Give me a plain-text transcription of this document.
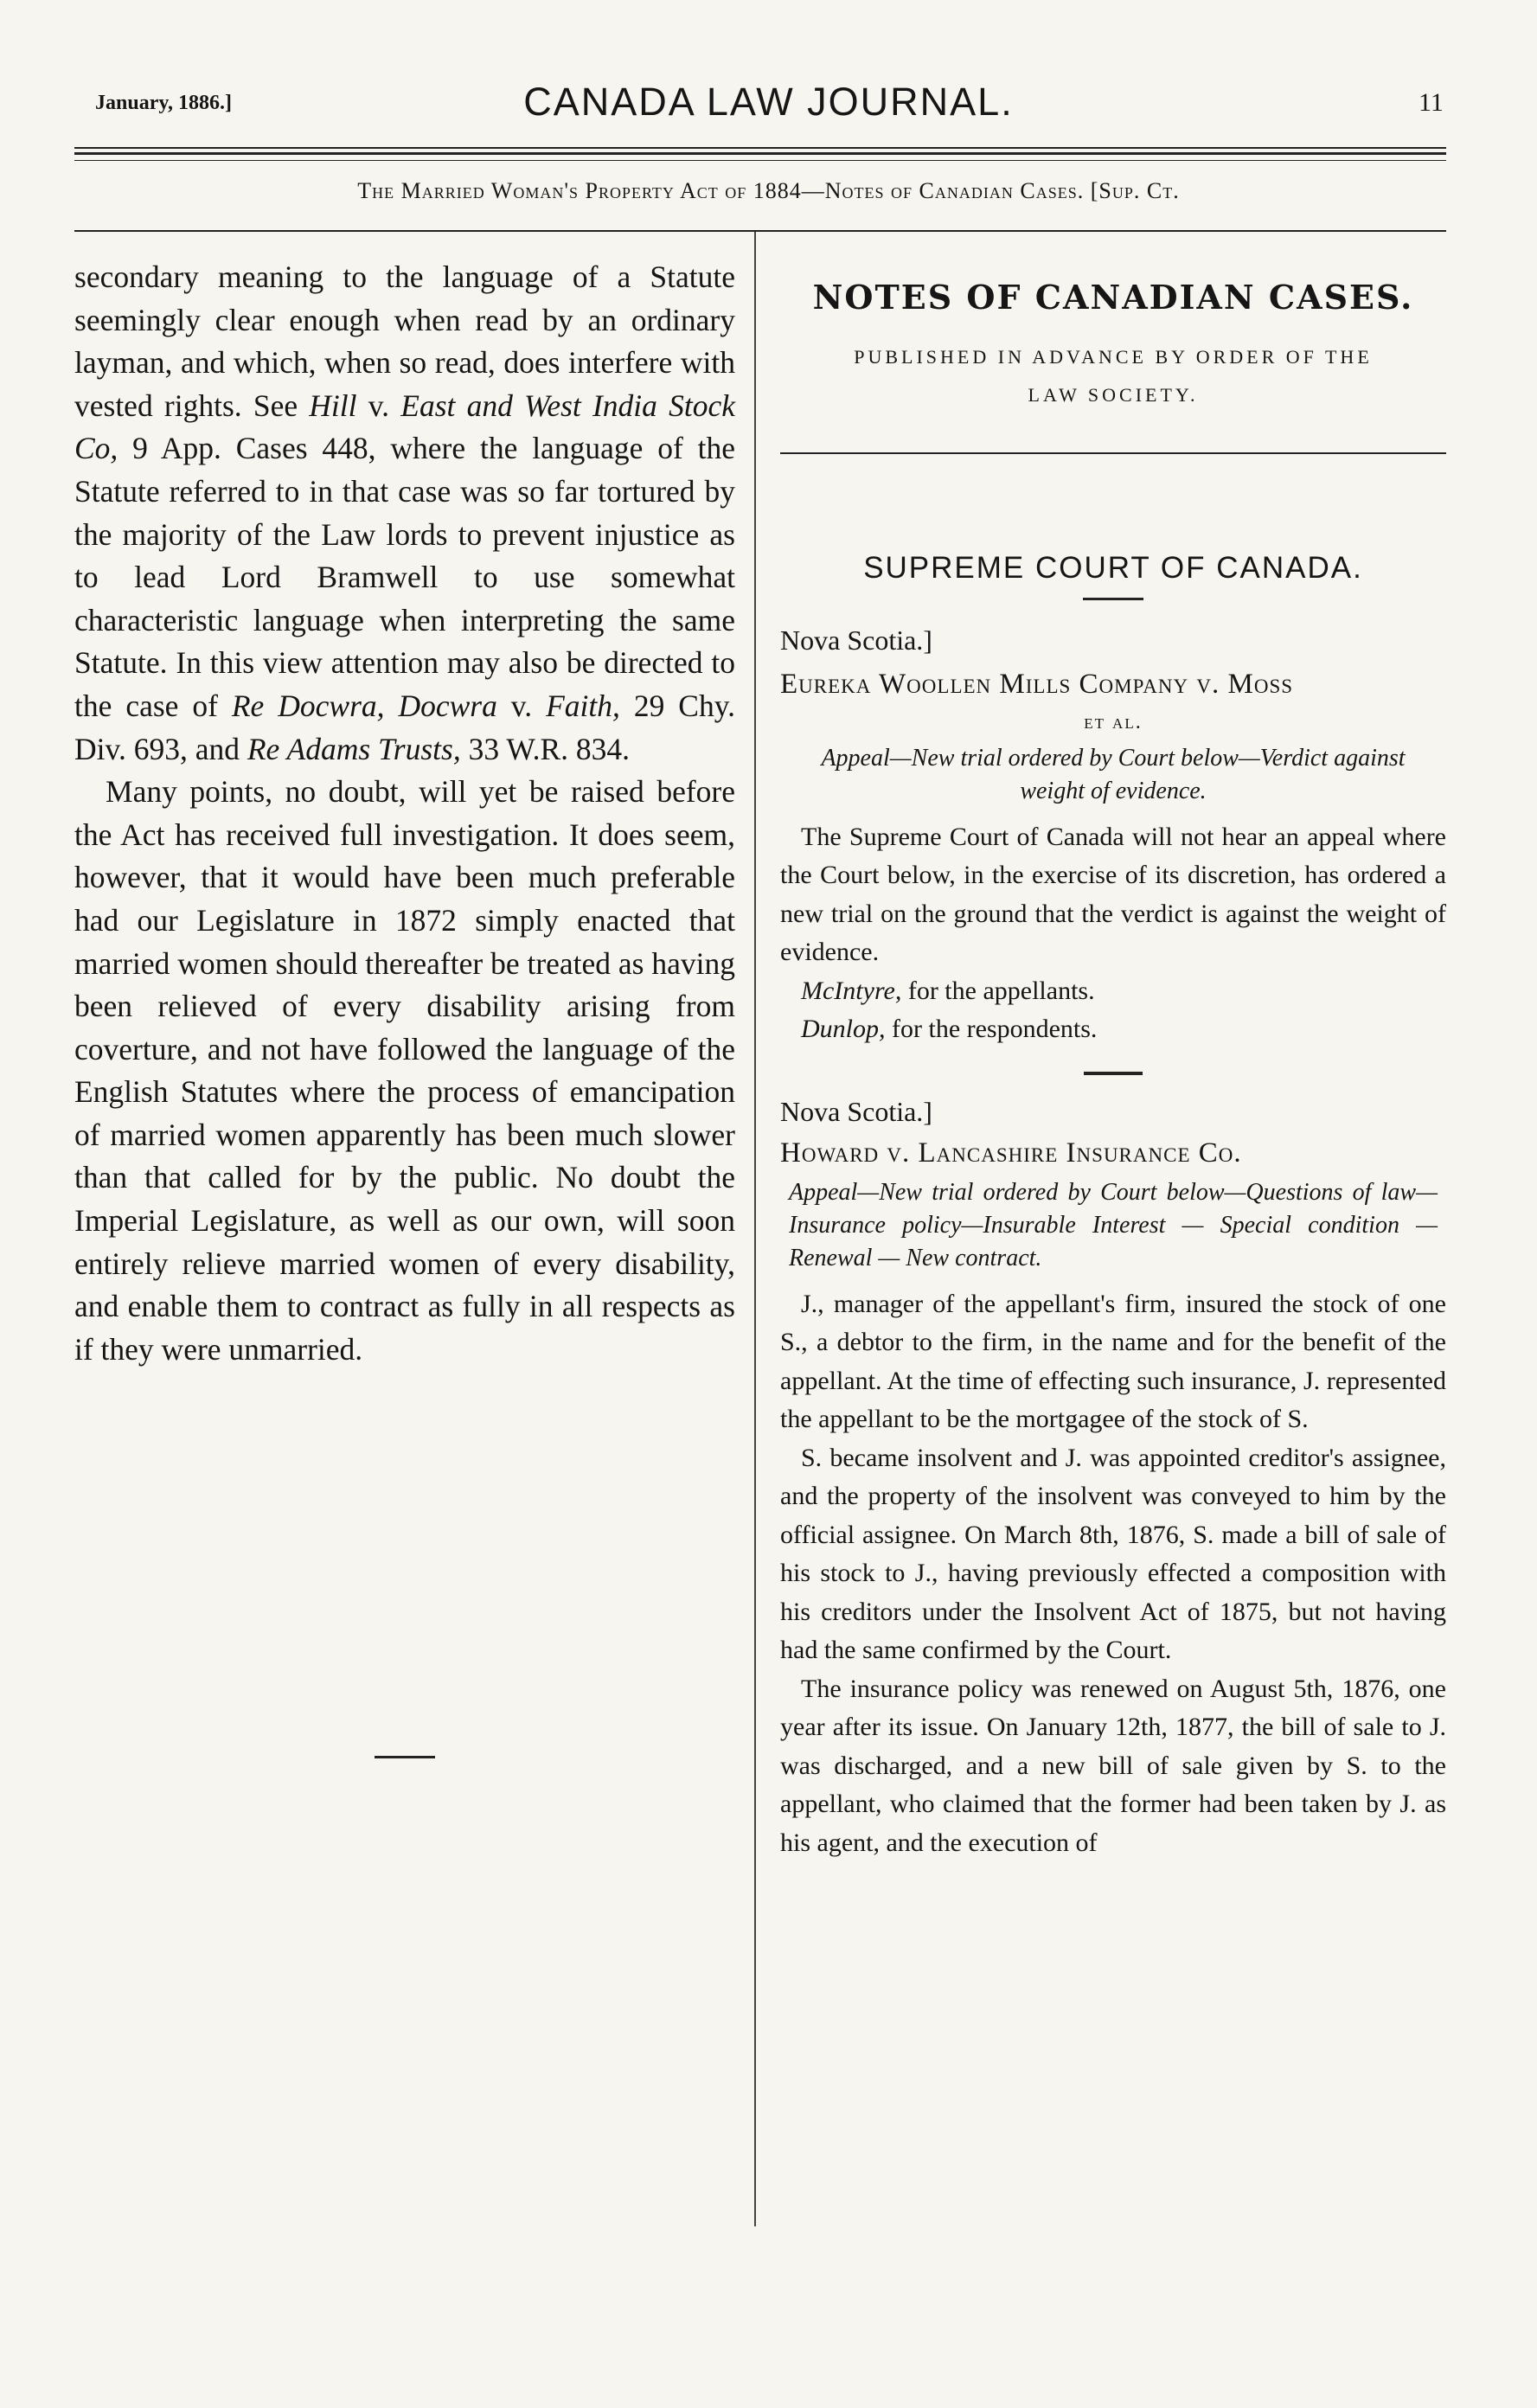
January, 1886.]	CANADA LAW JOURNAL.	11
The Married Woman's Property Act of 1884—Notes of Canadian Cases. [Sup. Ct.

secondary meaning to the language of a Statute seemingly clear enough when read by an ordinary layman, and which, when so read, does interfere with vested rights. See Hill v. East and West India Stock Co, 9 App. Cases 448, where the language of the Statute referred to in that case was so far tortured by the majority of the Law lords to prevent injustice as to lead Lord Bramwell to use somewhat characteristic language when interpreting the same Statute. In this view attention may also be directed to the case of Re Docwra, Docwra v. Faith, 29 Chy. Div. 693, and Re Adams Trusts, 33 W.R. 834.

Many points, no doubt, will yet be raised before the Act has received full investigation. It does seem, however, that it would have been much preferable had our Legislature in 1872 simply enacted that married women should thereafter be treated as having been relieved of every disability arising from coverture, and not have followed the language of the English Statutes where the process of emancipation of married women apparently has been much slower than that called for by the public. No doubt the Imperial Legislature, as well as our own, will soon entirely relieve married women of every disability, and enable them to contract as fully in all respects as if they were unmarried.

NOTES OF CANADIAN CASES.

PUBLISHED IN ADVANCE BY ORDER OF THE
LAW SOCIETY.

SUPREME COURT OF CANADA.

Nova Scotia.]

Eureka Woollen Mills Company v. Moss

et al.

Appeal—New trial ordered by Court below—Verdict against weight of evidence.

The Supreme Court of Canada will not hear an appeal where the Court below, in the exercise of its discretion, has ordered a new trial on the ground that the verdict is against the weight of evidence.

McIntyre, for the appellants.

Dunlop, for the respondents.

Nova Scotia.]

Howard v. Lancashire Insurance Co.

Appeal—New trial ordered by Court below—Questions of law—Insurance policy—Insurable Interest — Special condition — Renewal — New contract.

J., manager of the appellant's firm, insured the stock of one S., a debtor to the firm, in the name and for the benefit of the appellant. At the time of effecting such insurance, J. represented the appellant to be the mortgagee of the stock of S.

S. became insolvent and J. was appointed creditor's assignee, and the property of the insolvent was conveyed to him by the official assignee. On March 8th, 1876, S. made a bill of sale of his stock to J., having previously effected a composition with his creditors under the Insolvent Act of 1875, but not having had the same confirmed by the Court.

The insurance policy was renewed on August 5th, 1876, one year after its issue. On January 12th, 1877, the bill of sale to J. was discharged, and a new bill of sale given by S. to the appellant, who claimed that the former had been taken by J. as his agent, and the execution of
